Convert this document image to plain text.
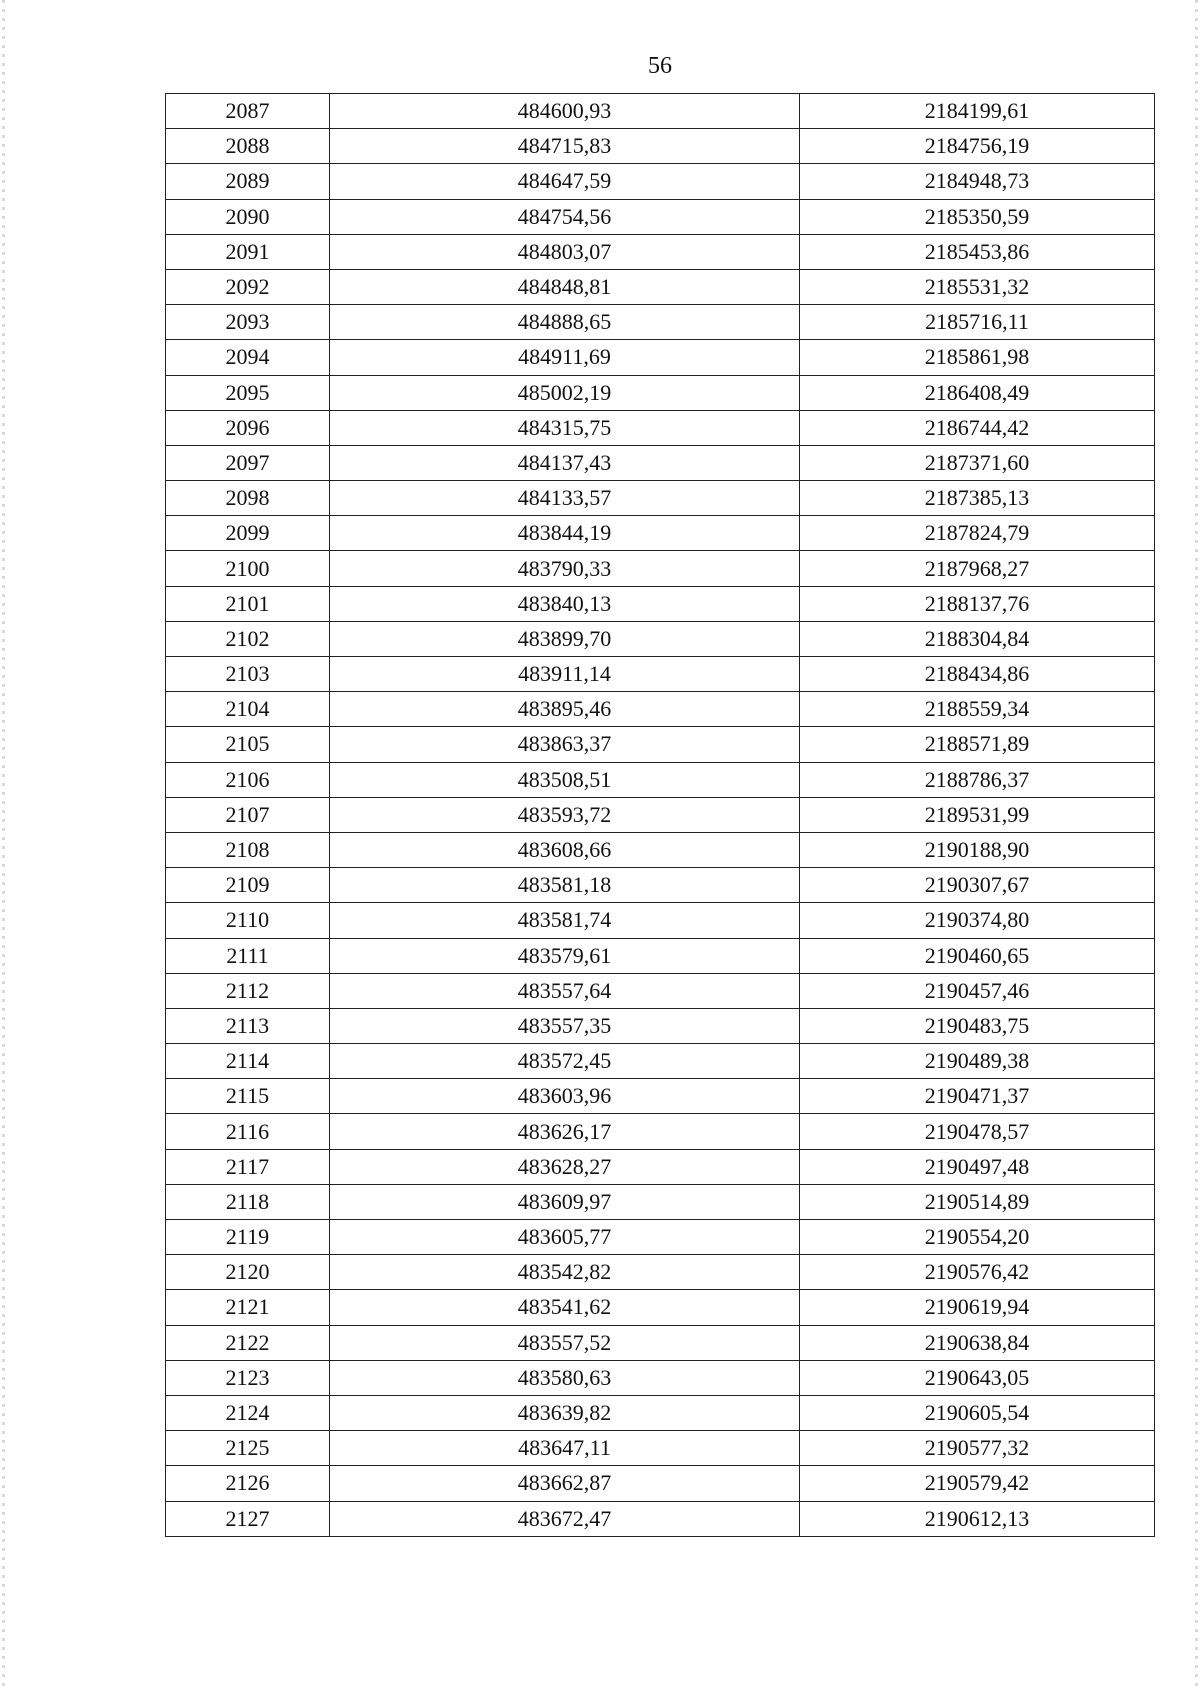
56
2087	484600,93	2184199,61
2088	484715,83	2184756,19
2089	484647,59	2184948,73
2090	484754,56	2185350,59
2091	484803,07	2185453,86
2092	484848,81	2185531,32
2093	484888,65	2185716,11
2094	484911,69	2185861,98
2095	485002,19	2186408,49
2096	484315,75	2186744,42
2097	484137,43	2187371,60
2098	484133,57	2187385,13
2099	483844,19	2187824,79
2100	483790,33	2187968,27
2101	483840,13	2188137,76
2102	483899,70	2188304,84
2103	483911,14	2188434,86
2104	483895,46	2188559,34
2105	483863,37	2188571,89
2106	483508,51	2188786,37
2107	483593,72	2189531,99
2108	483608,66	2190188,90
2109	483581,18	2190307,67
2110	483581,74	2190374,80
2111	483579,61	2190460,65
2112	483557,64	2190457,46
2113	483557,35	2190483,75
2114	483572,45	2190489,38
2115	483603,96	2190471,37
2116	483626,17	2190478,57
2117	483628,27	2190497,48
2118	483609,97	2190514,89
2119	483605,77	2190554,20
2120	483542,82	2190576,42
2121	483541,62	2190619,94
2122	483557,52	2190638,84
2123	483580,63	2190643,05
2124	483639,82	2190605,54
2125	483647,11	2190577,32
2126	483662,87	2190579,42
2127	483672,47	2190612,13
